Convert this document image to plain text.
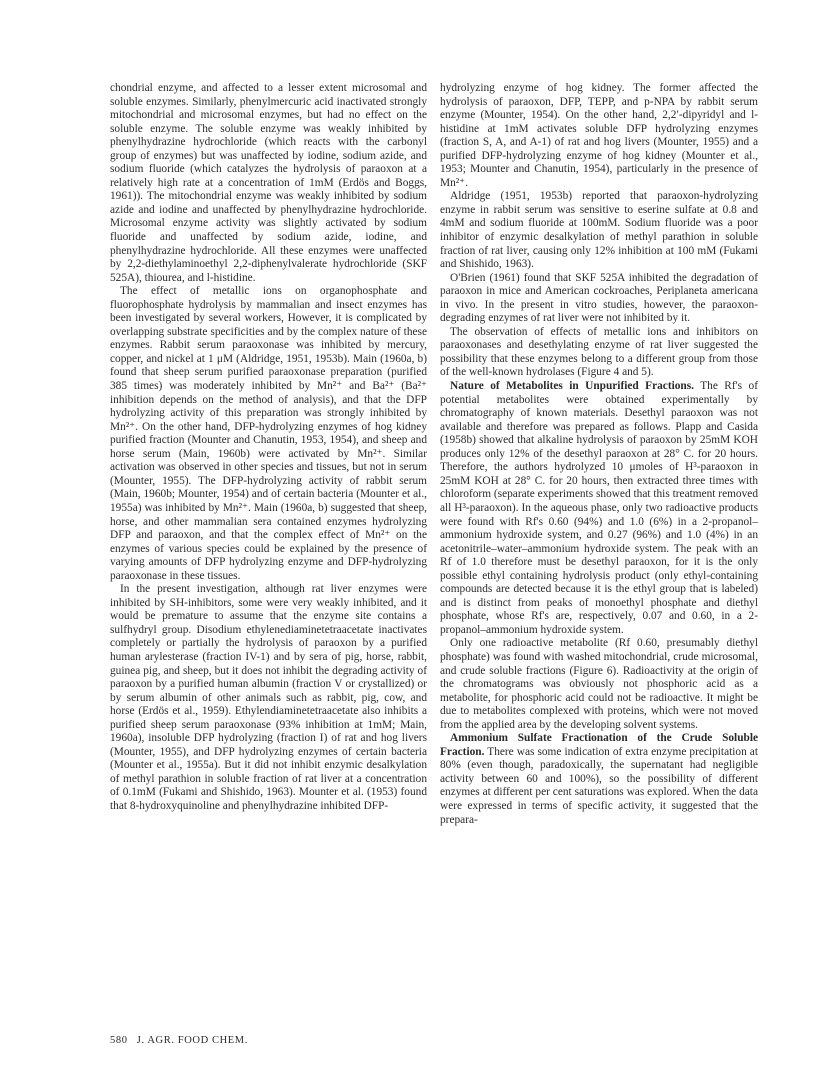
chondrial enzyme, and affected to a lesser extent microsomal and soluble enzymes. Similarly, phenylmercuric acid inactivated strongly mitochondrial and microsomal enzymes, but had no effect on the soluble enzyme. The soluble enzyme was weakly inhibited by phenylhydrazine hydrochloride (which reacts with the carbonyl group of enzymes) but was unaffected by iodine, sodium azide, and sodium fluoride (which catalyzes the hydrolysis of paraoxon at a relatively high rate at a concentration of 1mM (Erdös and Boggs, 1961)). The mitochondrial enzyme was weakly inhibited by sodium azide and iodine and unaffected by phenylhydrazine hydrochloride. Microsomal enzyme activity was slightly activated by sodium fluoride and unaffected by sodium azide, iodine, and phenylhydrazine hydrochloride. All these enzymes were unaffected by 2,2-diethylaminoethyl 2,2-diphenylvalerate hydrochloride (SKF 525A), thiourea, and l-histidine.

The effect of metallic ions on organophosphate and fluorophosphate hydrolysis by mammalian and insect enzymes has been investigated by several workers, However, it is complicated by overlapping substrate specificities and by the complex nature of these enzymes. Rabbit serum paraoxonase was inhibited by mercury, copper, and nickel at 1 μM (Aldridge, 1951, 1953b). Main (1960a, b) found that sheep serum purified paraoxonase preparation (purified 385 times) was moderately inhibited by Mn²⁺ and Ba²⁺ (Ba²⁺ inhibition depends on the method of analysis), and that the DFP hydrolyzing activity of this preparation was strongly inhibited by Mn²⁺. On the other hand, DFP-hydrolyzing enzymes of hog kidney purified fraction (Mounter and Chanutin, 1953, 1954), and sheep and horse serum (Main, 1960b) were activated by Mn²⁺. Similar activation was observed in other species and tissues, but not in serum (Mounter, 1955). The DFP-hydrolyzing activity of rabbit serum (Main, 1960b; Mounter, 1954) and of certain bacteria (Mounter et al., 1955a) was inhibited by Mn²⁺. Main (1960a, b) suggested that sheep, horse, and other mammalian sera contained enzymes hydrolyzing DFP and paraoxon, and that the complex effect of Mn²⁺ on the enzymes of various species could be explained by the presence of varying amounts of DFP hydrolyzing enzyme and DFP-hydrolyzing paraoxonase in these tissues.

In the present investigation, although rat liver enzymes were inhibited by SH-inhibitors, some were very weakly inhibited, and it would be premature to assume that the enzyme site contains a sulfhydryl group. Disodium ethylenediaminetetraacetate inactivates completely or partially the hydrolysis of paraoxon by a purified human arylesterase (fraction IV-1) and by sera of pig, horse, rabbit, guinea pig, and sheep, but it does not inhibit the degrading activity of paraoxon by a purified human albumin (fraction V or crystallized) or by serum albumin of other animals such as rabbit, pig, cow, and horse (Erdös et al., 1959). Ethylendiaminetetraacetate also inhibits a purified sheep serum paraoxonase (93% inhibition at 1mM; Main, 1960a), insoluble DFP hydrolyzing (fraction I) of rat and hog livers (Mounter, 1955), and DFP hydrolyzing enzymes of certain bacteria (Mounter et al., 1955a). But it did not inhibit enzymic desalkylation of methyl parathion in soluble fraction of rat liver at a concentration of 0.1mM (Fukami and Shishido, 1963). Mounter et al. (1953) found that 8-hydroxyquinoline and phenylhydrazine inhibited DFP-

hydrolyzing enzyme of hog kidney. The former affected the hydrolysis of paraoxon, DFP, TEPP, and p-NPA by rabbit serum enzyme (Mounter, 1954). On the other hand, 2,2′-dipyridyl and l-histidine at 1mM activates soluble DFP hydrolyzing enzymes (fraction S, A, and A-1) of rat and hog livers (Mounter, 1955) and a purified DFP-hydrolyzing enzyme of hog kidney (Mounter et al., 1953; Mounter and Chanutin, 1954), particularly in the presence of Mn²⁺.

Aldridge (1951, 1953b) reported that paraoxon-hydrolyzing enzyme in rabbit serum was sensitive to eserine sulfate at 0.8 and 4mM and sodium fluoride at 100mM. Sodium fluoride was a poor inhibitor of enzymic desalkylation of methyl parathion in soluble fraction of rat liver, causing only 12% inhibition at 100 mM (Fukami and Shishido, 1963).

O'Brien (1961) found that SKF 525A inhibited the degradation of paraoxon in mice and American cockroaches, Periplaneta americana in vivo. In the present in vitro studies, however, the paraoxon-degrading enzymes of rat liver were not inhibited by it.

The observation of effects of metallic ions and inhibitors on paraoxonases and desethylating enzyme of rat liver suggested the possibility that these enzymes belong to a different group from those of the well-known hydrolases (Figure 4 and 5).

Nature of Metabolites in Unpurified Fractions. The Rf's of potential metabolites were obtained experimentally by chromatography of known materials. Desethyl paraoxon was not available and therefore was prepared as follows. Plapp and Casida (1958b) showed that alkaline hydrolysis of paraoxon by 25mM KOH produces only 12% of the desethyl paraoxon at 28° C. for 20 hours. Therefore, the authors hydrolyzed 10 μmoles of H³-paraoxon in 25mM KOH at 28° C. for 20 hours, then extracted three times with chloroform (separate experiments showed that this treatment removed all H³-paraoxon). In the aqueous phase, only two radioactive products were found with Rf's 0.60 (94%) and 1.0 (6%) in a 2-propanol–ammonium hydroxide system, and 0.27 (96%) and 1.0 (4%) in an acetonitrile–water–ammonium hydroxide system. The peak with an Rf of 1.0 therefore must be desethyl paraoxon, for it is the only possible ethyl containing hydrolysis product (only ethyl-containing compounds are detected because it is the ethyl group that is labeled) and is distinct from peaks of monoethyl phosphate and diethyl phosphate, whose Rf's are, respectively, 0.07 and 0.60, in a 2-propanol–ammonium hydroxide system.

Only one radioactive metabolite (Rf 0.60, presumably diethyl phosphate) was found with washed mitochondrial, crude microsomal, and crude soluble fractions (Figure 6). Radioactivity at the origin of the chromatograms was obviously not phosphoric acid as a metabolite, for phosphoric acid could not be radioactive. It might be due to metabolites complexed with proteins, which were not moved from the applied area by the developing solvent systems.

Ammonium Sulfate Fractionation of the Crude Soluble Fraction. There was some indication of extra enzyme precipitation at 80% (even though, paradoxically, the supernatant had negligible activity between 60 and 100%), so the possibility of different enzymes at different per cent saturations was explored. When the data were expressed in terms of specific activity, it suggested that the prepara-

580 J. AGR. FOOD CHEM.
